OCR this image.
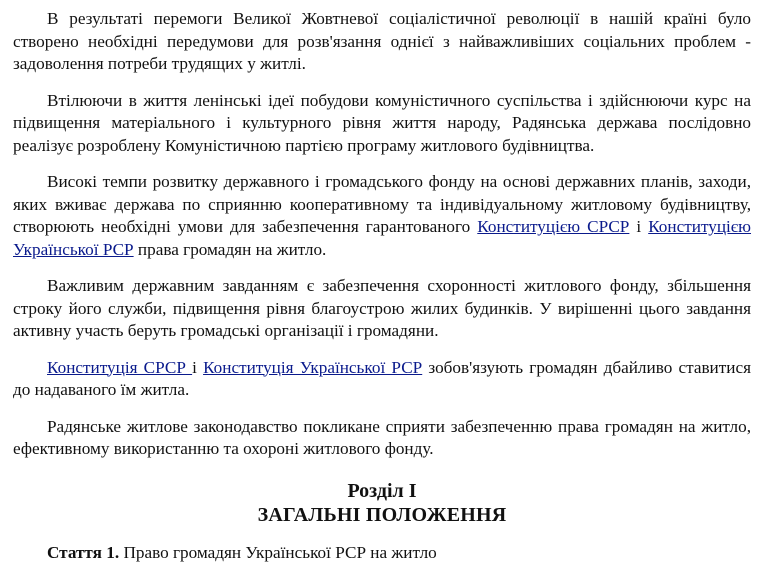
В результаті перемоги Великої Жовтневої соціалістичної революції в нашій країні було створено необхідні передумови для розв'язання однієї з найважливіших соціальних проблем - задоволення потреби трудящих у житлі.

Втілюючи в життя ленінські ідеї побудови комуністичного суспільства і здійснюючи курс на підвищення матеріального і культурного рівня життя народу, Радянська держава послідовно реалізує розроблену Комуністичною партією програму житлового будівництва.

Високі темпи розвитку державного і громадського фонду на основі державних планів, заходи, яких вживає держава по сприянню кооперативному та індивідуальному житловому будівництву, створюють необхідні умови для забезпечення гарантованого Конституцією СРСР і Конституцією Української РСР права громадян на житло.

Важливим державним завданням є забезпечення схоронності житлового фонду, збільшення строку його служби, підвищення рівня благоустрою жилих будинків. У вирішенні цього завдання активну участь беруть громадські організації і громадяни.

Конституція СРСР і Конституція Української РСР зобов'язують громадян дбайливо ставитися до надаваного їм житла.

Радянське житлове законодавство покликане сприяти забезпеченню права громадян на житло, ефективному використанню та охороні житлового фонду.

Розділ I
ЗАГАЛЬНІ ПОЛОЖЕННЯ
Стаття 1. Право громадян Української РСР на житло
